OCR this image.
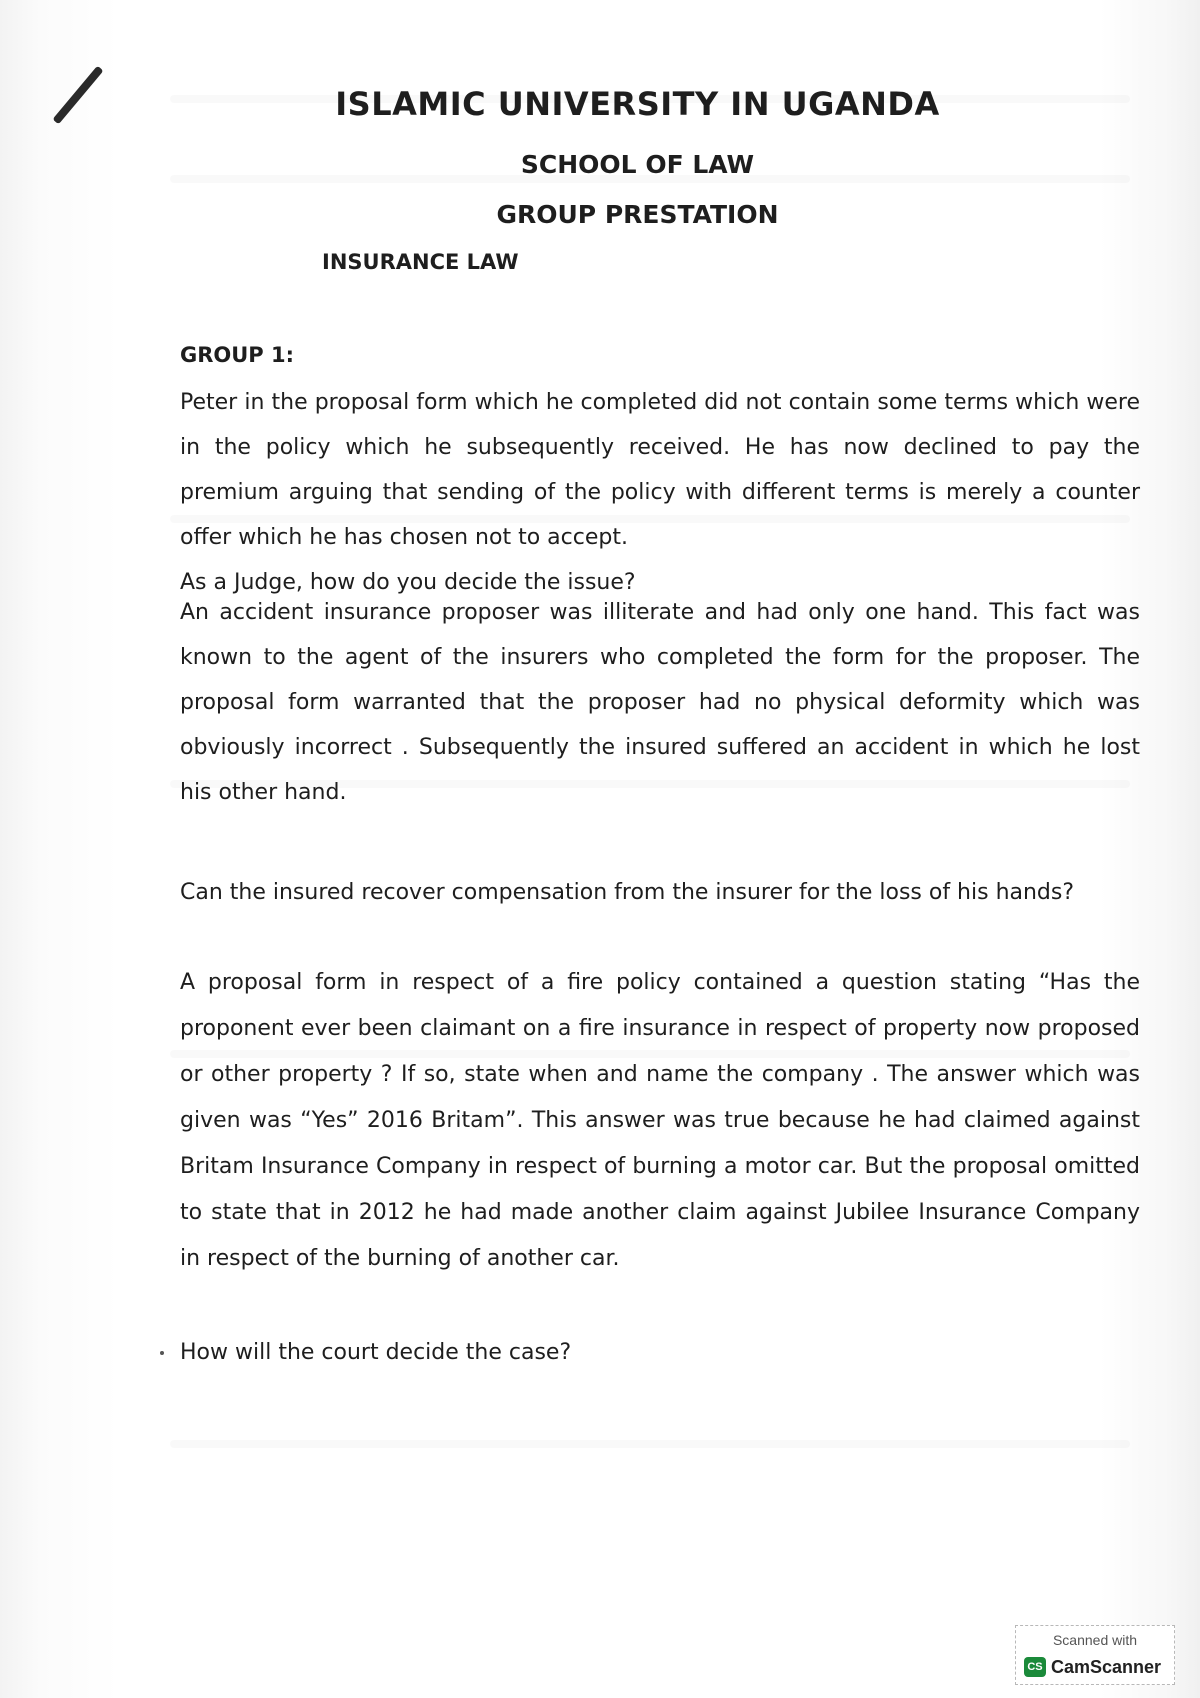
ISLAMIC UNIVERSITY IN UGANDA
SCHOOL OF LAW
GROUP PRESTATION
INSURANCE LAW
GROUP 1:

Peter in the proposal form which he completed did not contain some terms which were in the policy which he subsequently received. He has now declined to pay the premium arguing that sending of the policy with different terms is merely a counter offer which he has chosen not to accept.

As a Judge, how do you decide the issue?

An accident insurance proposer was illiterate and had only one hand. This fact was known to the agent of the insurers who completed the form for the proposer. The proposal form warranted that the proposer had no physical deformity which was obviously incorrect . Subsequently the insured suffered an accident in which he lost his other hand.

Can the insured recover compensation from the insurer for the loss of his hands?

A proposal form in respect of a fire policy contained a question stating “Has the proponent ever been claimant on a fire insurance in respect of property now proposed or other property ? If so, state when and name the company . The answer which was given was “Yes” 2016 Britam”. This answer was true because he had claimed against Britam Insurance Company in respect of burning a motor car. But the proposal omitted to state that in 2012 he had made another claim against Jubilee Insurance Company in respect of the burning of another car.

How will the court decide the case?

Scanned with
CS CamScanner
